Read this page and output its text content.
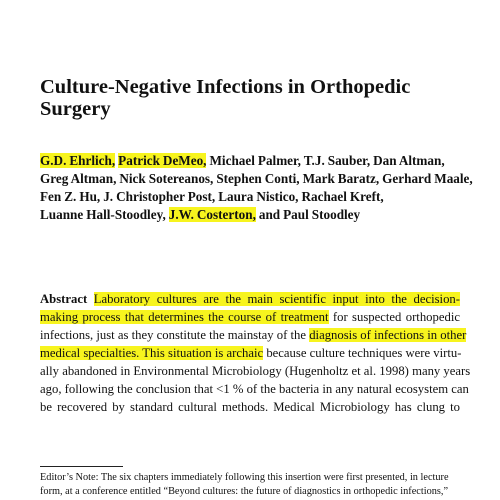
Culture-Negative Infections in Orthopedic
Surgery
G.D. Ehrlich, Patrick DeMeo, Michael Palmer, T.J. Sauber, Dan Altman,
Greg Altman, Nick Sotereanos, Stephen Conti, Mark Baratz, Gerhard Maale,
Fen Z. Hu, J. Christopher Post, Laura Nistico, Rachael Kreft,
Luanne Hall-Stoodley, J.W. Costerton, and Paul Stoodley
Abstract Laboratory cultures are the main scientific input into the decision-
making process that determines the course of treatment for suspected orthopedic
infections, just as they constitute the mainstay of the diagnosis of infections in other
medical specialties. This situation is archaic because culture techniques were virtu-
ally abandoned in Environmental Microbiology (Hugenholtz et al. 1998) many years
ago, following the conclusion that <1 % of the bacteria in any natural ecosystem can
be recovered by standard cultural methods. Medical Microbiology has clung to
Editor’s Note: The six chapters immediately following this insertion were first presented, in lecture
form, at a conference entitled “Beyond cultures: the future of diagnostics in orthopedic infections,”
